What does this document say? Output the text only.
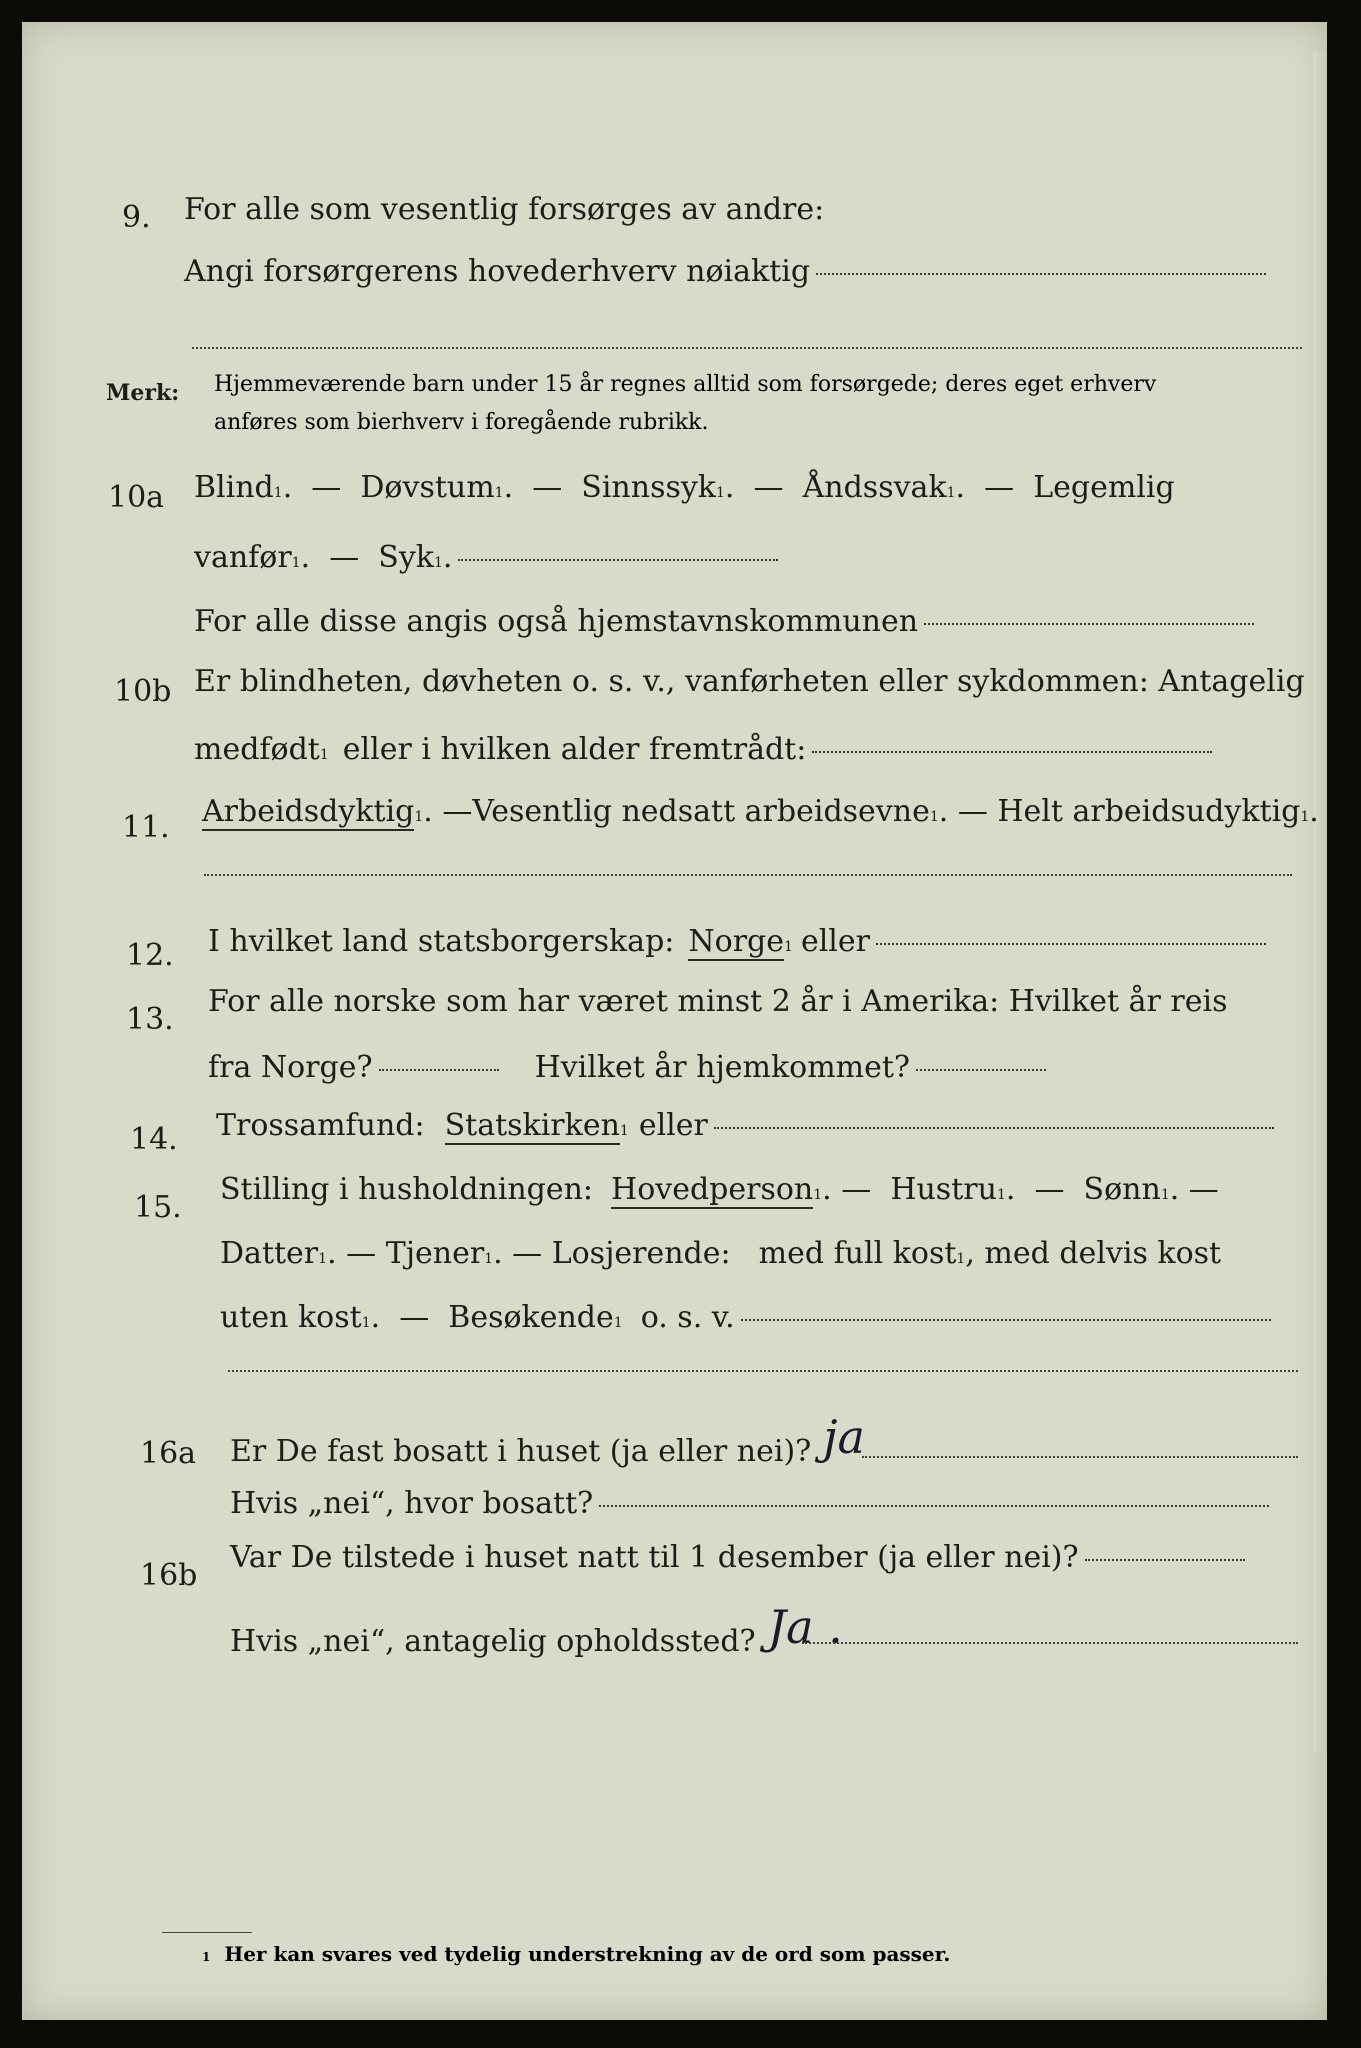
9. For alle som vesentlig forsørges av andre:
Angi forsørgerens hovederhverv nøiaktig
Merk: Hjemmeværende barn under 15 år regnes alltid som forsørgede; deres eget erhverv
anføres som bierhverv i foregående rubrikk.
10a Blind 1 .  — Døvstum 1 .  — Sinnssyk 1 .  — Åndssvak 1 .  — Legemlig
vanfør 1 .  — Syk 1 .
For alle disse angis også hjemstavnskommunen
10b Er blindheten, døvheten o. s. v., vanførheten eller sykdommen: Antagelig
medfødt 1 eller i hvilken alder fremtrådt:
11. Arbeidsdyktig 1 . — Vesentlig nedsatt arbeidsevne 1 . — Helt arbeidsudyktig 1 .
12. I hvilket land statsborgerskap: Norge 1 eller
13.
For alle norske som har været minst 2 år i Amerika: Hvilket år reis
fra Norge?	Hvilket år hjemkommet?
14. Trossamfund: Statskirken 1 eller
15.
Stilling i husholdningen: Hovedperson 1 . — Hustru 1 .  — Sønn 1 . —
Datter 1 . — Tjener 1 . — Losjerende: med full kost 1 , med delvis kost
uten kost 1 .  — Besøkende 1 o. s. v.
16a Er De fast bosatt i huset (ja eller nei)? ja
Hvis „nei“, hvor bosatt?
16b
Var De tilstede i huset natt til 1 desember (ja eller nei)?
Hvis „nei“, antagelig opholdssted? Ja .
1 Her kan svares ved tydelig understrekning av de ord som passer.
